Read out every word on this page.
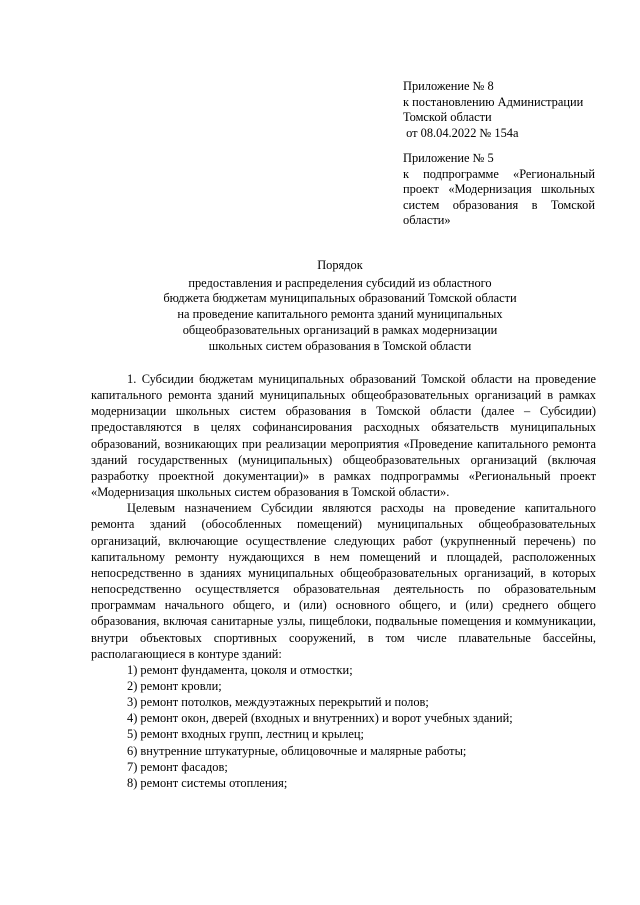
Приложение № 8
к постановлению Администрации
Томской области
от 08.04.2022 № 154а
Приложение № 5
к подпрограмме «Региональный проект «Модернизация школьных систем образования в Томской области»
Порядок
предоставления и распределения субсидий из областного
бюджета бюджетам муниципальных образований Томской области
на проведение капитального ремонта зданий муниципальных
общеобразовательных организаций в рамках модернизации
школьных систем образования в Томской области

1. Субсидии бюджетам муниципальных образований Томской области на проведение капитального ремонта зданий муниципальных общеобразовательных организаций в рамках модернизации школьных систем образования в Томской области (далее – Субсидии) предоставляются в целях софинансирования расходных обязательств муниципальных образований, возникающих при реализации мероприятия «Проведение капитального ремонта зданий государственных (муниципальных) общеобразовательных организаций (включая разработку проектной документации)» в рамках подпрограммы «Региональный проект «Модернизация школьных систем образования в Томской области».

Целевым назначением Субсидии являются расходы на проведение капитального ремонта зданий (обособленных помещений) муниципальных общеобразовательных организаций, включающие осуществление следующих работ (укрупненный перечень) по капитальному ремонту нуждающихся в нем помещений и площадей, расположенных непосредственно в зданиях муниципальных общеобразовательных организаций, в которых непосредственно осуществляется образовательная деятельность по образовательным программам начального общего, и (или) основного общего, и (или) среднего общего образования, включая санитарные узлы, пищеблоки, подвальные помещения и коммуникации, внутри объектовых спортивных сооружений, в том числе плавательные бассейны, располагающиеся в контуре зданий:

1) ремонт фундамента, цоколя и отмостки;

2) ремонт кровли;

3) ремонт потолков, междуэтажных перекрытий и полов;

4) ремонт окон, дверей (входных и внутренних) и ворот учебных зданий;

5) ремонт входных групп, лестниц и крылец;

6) внутренние штукатурные, облицовочные и малярные работы;

7) ремонт фасадов;

8) ремонт системы отопления;
